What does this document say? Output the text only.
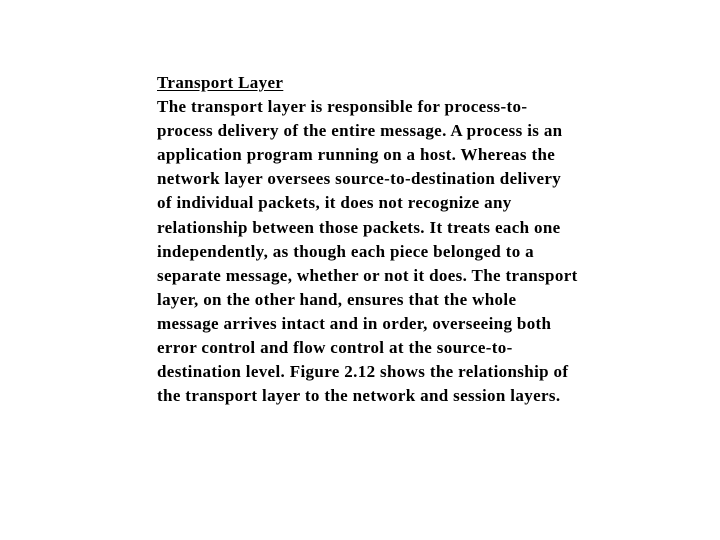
Transport Layer
The transport layer is responsible for process-to-
process delivery of the entire message. A process is an
application program running on a host. Whereas the
network layer oversees source-to-destination delivery
of individual packets, it does not recognize any
relationship between those packets. It treats each one
independently, as though each piece belonged to a
separate message, whether or not it does. The transport
layer, on the other hand, ensures that the whole
message arrives intact and in order, overseeing both
error control and flow control at the source-to-
destination level. Figure 2.12 shows the relationship of
the transport layer to the network and session layers.
